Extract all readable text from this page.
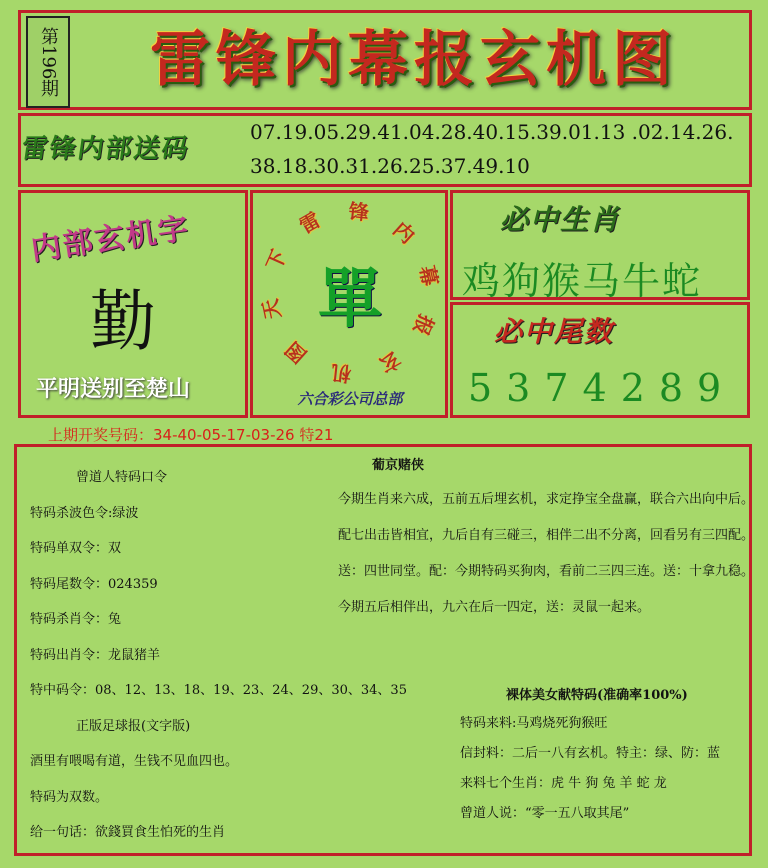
第196期	雷锋内幕报玄机图
雷锋内部送码
07.19.05.29.41.04.28.40.15.39.01.13 .02.14.26.
38.18.30.31.26.25.37.49.10
内部玄机字
勤
平明送别至楚山
單
雷 锋
内
幕
报
玄
机
图
天
下
六合彩公司总部
必中生肖
鸡狗猴马牛蛇
必中尾数
5374289
上期开奖号码：34-40-05-17-03-26 特21
曾道人特码口令
特码杀波色令:绿波
特码单双令：双
特码尾数令：024359
特码杀肖令：兔
特码出肖令：龙鼠猪羊
特中码令：08、12、13、18、19、23、24、29、30、34、35
正版足球报(文字版)
酒里有喂喝有道，生钱不见血四也。
特码为双数。
给一句话：欲錢買食生怕死的生肖
葡京赌侠
今期生肖来六成，五前五后埋玄机，求定挣宝全盘赢，联合六出向中后。
配七出击皆相宜，九后自有三碰三，相伴二出不分离，回看另有三四配。
送：四世同堂。配：今期特码买狗肉，看前二三四三连。送：十拿九稳。
今期五后相伴出，九六在后一四定，送：灵鼠一起来。
裸体美女献特码(准确率100%)
特码来料:马鸡烧死狗猴旺
信封料：二后一八有玄机。特主：绿、防：蓝
来料七个生肖：虎 牛 狗 兔 羊 蛇 龙
曾道人说：“零一五八取其尾”
